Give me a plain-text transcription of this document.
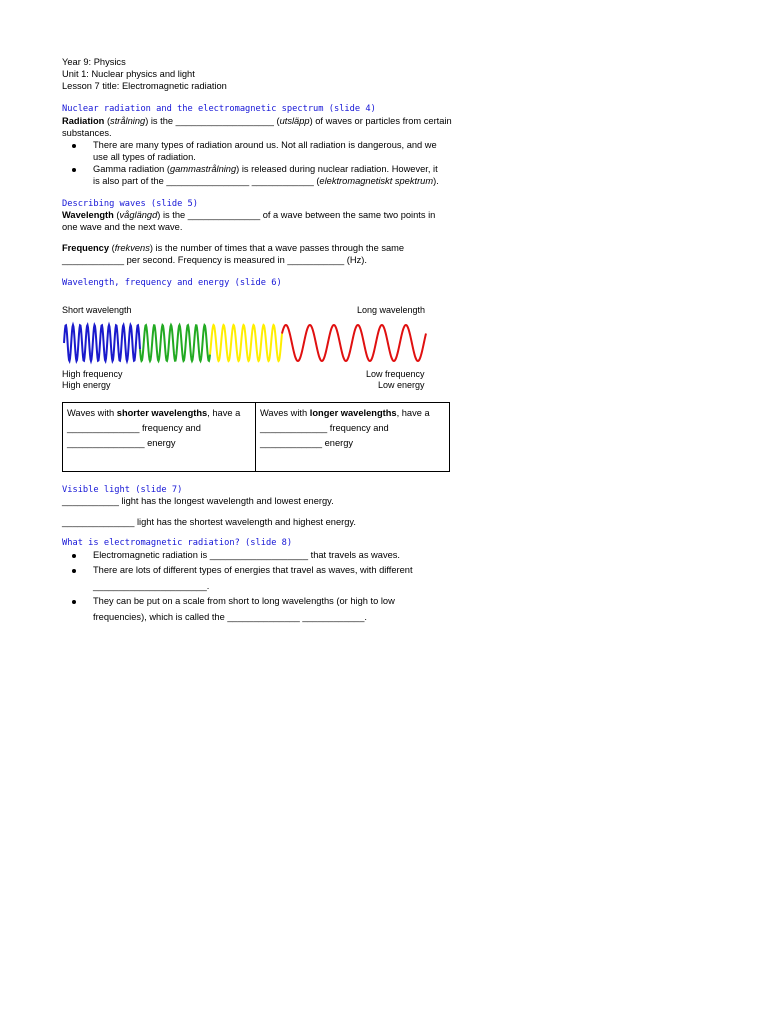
Year 9: Physics
Unit 1: Nuclear physics and light
Lesson 7 title: Electromagnetic radiation
Nuclear radiation and the electromagnetic spectrum (slide 4)
Radiation (strålning) is the ___________________ (utsläpp) of waves or particles from certain
substances.
There are many types of radiation around us. Not all radiation is dangerous, and we
use all types of radiation.
Gamma radiation (gammastrålning) is released during nuclear radiation. However, it
is also part of the ________________ ____________ (elektromagnetiskt spektrum).
Describing waves (slide 5)
Wavelength (våglängd) is the ______________ of a wave between the same two points in
one wave and the next wave.
Frequency (frekvens) is the number of times that a wave passes through the same
____________ per second. Frequency is measured in ___________ (Hz).
Wavelength, frequency and energy (slide 6)
Short wavelength	Long wavelength
High frequency
High energy
Low frequency
Low energy
Waves with shorter wavelengths, have a
______________ frequency and
_______________ energy
Waves with longer wavelengths, have a
_____________ frequency and
____________ energy
Visible light (slide 7)
___________ light has the longest wavelength and lowest energy.
______________ light has the shortest wavelength and highest energy.
What is electromagnetic radiation? (slide 8)
Electromagnetic radiation is ___________________ that travels as waves.
There are lots of different types of energies that travel as waves, with different
______________________.
They can be put on a scale from short to long wavelengths (or high to low
frequencies), which is called the ______________ ____________.
